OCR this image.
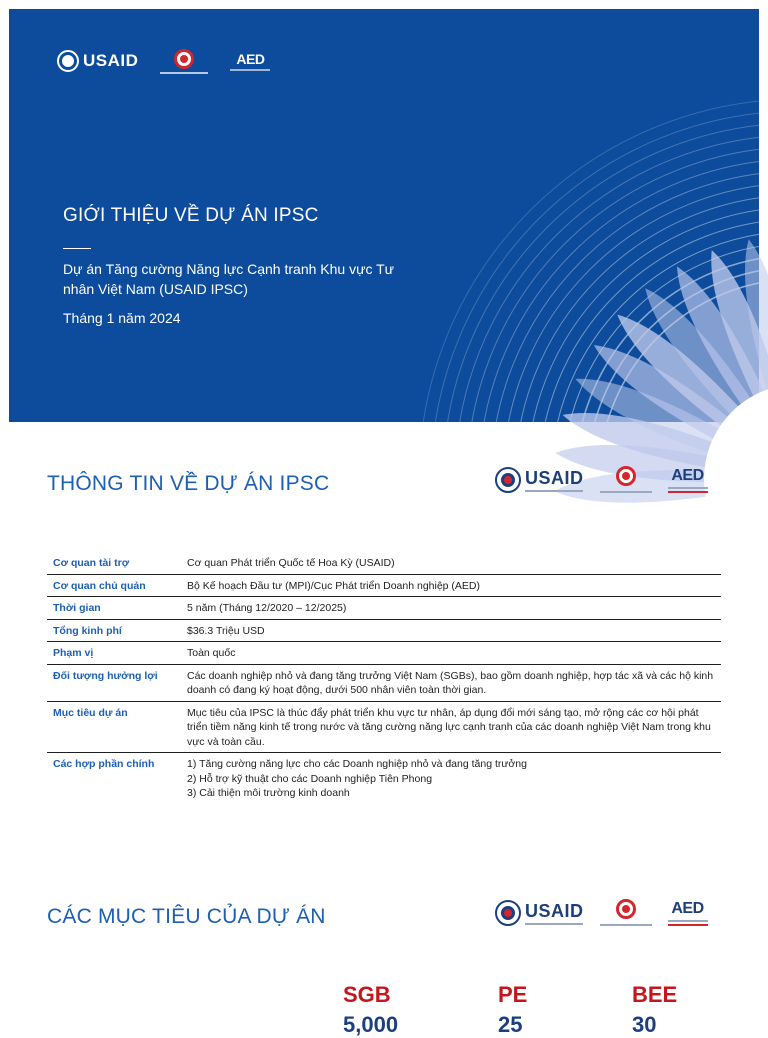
USAID	AED
GIỚI THIỆU VỀ DỰ ÁN IPSC
Dự án Tăng cường Năng lực Cạnh tranh Khu vực Tư nhân Việt Nam (USAID IPSC)
Tháng 1 năm 2024
THÔNG TIN VỀ DỰ ÁN IPSC	USAID	AED
Cơ quan tài trợ	Cơ quan Phát triển Quốc tế Hoa Kỳ (USAID)
Cơ quan chủ quản	Bộ Kế hoạch Đầu tư (MPI)/Cục Phát triển Doanh nghiệp (AED)
Thời gian	5 năm (Tháng 12/2020 – 12/2025)
Tổng kinh phí	$36.3 Triệu USD
Phạm vị	Toàn quốc
Đối tượng hưởng lợi	Các doanh nghiệp nhỏ và đang tăng trưởng Việt Nam (SGBs), bao gồm doanh nghiệp, hợp tác xã và các hộ kinh doanh có đang ký hoạt động, dưới 500 nhân viên toàn thời gian.
Mục tiêu dự án	Mục tiêu của IPSC là thúc đẩy phát triển khu vực tư nhân, áp dụng đổi mới sáng tạo, mở rộng các cơ hội phát triển tiềm năng kinh tế trong nước và tăng cường năng lực cạnh tranh của các doanh nghiệp Việt Nam trong khu vực và toàn cầu.
Các hợp phần chính	1) Tăng cường năng lực cho các Doanh nghiệp nhỏ và đang tăng trưởng
2) Hỗ trợ kỹ thuật cho các Doanh nghiệp Tiên Phong
3) Cải thiện môi trường kinh doanh
CÁC MỤC TIÊU CỦA DỰ ÁN	USAID	AED
SGB
5,000
PE
25
BEE
30
